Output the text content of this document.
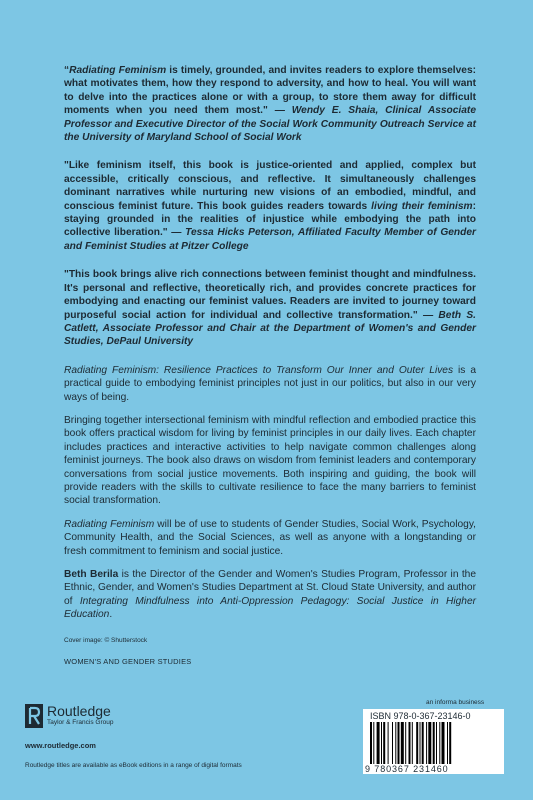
“Radiating Feminism is timely, grounded, and invites readers to explore themselves: what motivates them, how they respond to adversity, and how to heal. You will want to delve into the practices alone or with a group, to store them away for difficult moments when you need them most." — Wendy E. Shaia, Clinical Associate Professor and Executive Director of the Social Work Community Outreach Service at the University of Maryland School of Social Work

"Like feminism itself, this book is justice-oriented and applied, complex but accessible, critically conscious, and reflective. It simultaneously challenges dominant narratives while nurturing new visions of an embodied, mindful, and conscious feminist future. This book guides readers towards living their feminism: staying grounded in the realities of injustice while embodying the path into collective liberation." — Tessa Hicks Peterson, Affiliated Faculty Member of Gender and Feminist Studies at Pitzer College

"This book brings alive rich connections between feminist thought and mindfulness. It's personal and reflective, theoretically rich, and provides concrete practices for embodying and enacting our feminist values. Readers are invited to journey toward purposeful social action for individual and collective transformation." — Beth S. Catlett, Associate Professor and Chair at the Department of Women's and Gender Studies, DePaul University

Radiating Feminism: Resilience Practices to Transform Our Inner and Outer Lives is a practical guide to embodying feminist principles not just in our politics, but also in our very ways of being.

Bringing together intersectional feminism with mindful reflection and embodied practice this book offers practical wisdom for living by feminist principles in our daily lives. Each chapter includes practices and interactive activities to help navigate common challenges along feminist journeys. The book also draws on wisdom from feminist leaders and contemporary conversations from social justice movements. Both inspiring and guiding, the book will provide readers with the skills to cultivate resilience to face the many barriers to feminist social transformation.

Radiating Feminism will be of use to students of Gender Studies, Social Work, Psychology, Community Health, and the Social Sciences, as well as anyone with a longstanding or fresh commitment to feminism and social justice.

Beth Berila is the Director of the Gender and Women's Studies Program, Professor in the Ethnic, Gender, and Women's Studies Department at St. Cloud State University, and author of Integrating Mindfulness into Anti-Oppression Pedagogy: Social Justice in Higher Education.

Cover image: © Shutterstock

WOMEN'S AND GENDER STUDIES

Routledge
Taylor & Francis Group
www.routledge.com
Routledge titles are available as eBook editions in a range of digital formats
an informa business
ISBN 978-0-367-23146-0
9 780367 231460
